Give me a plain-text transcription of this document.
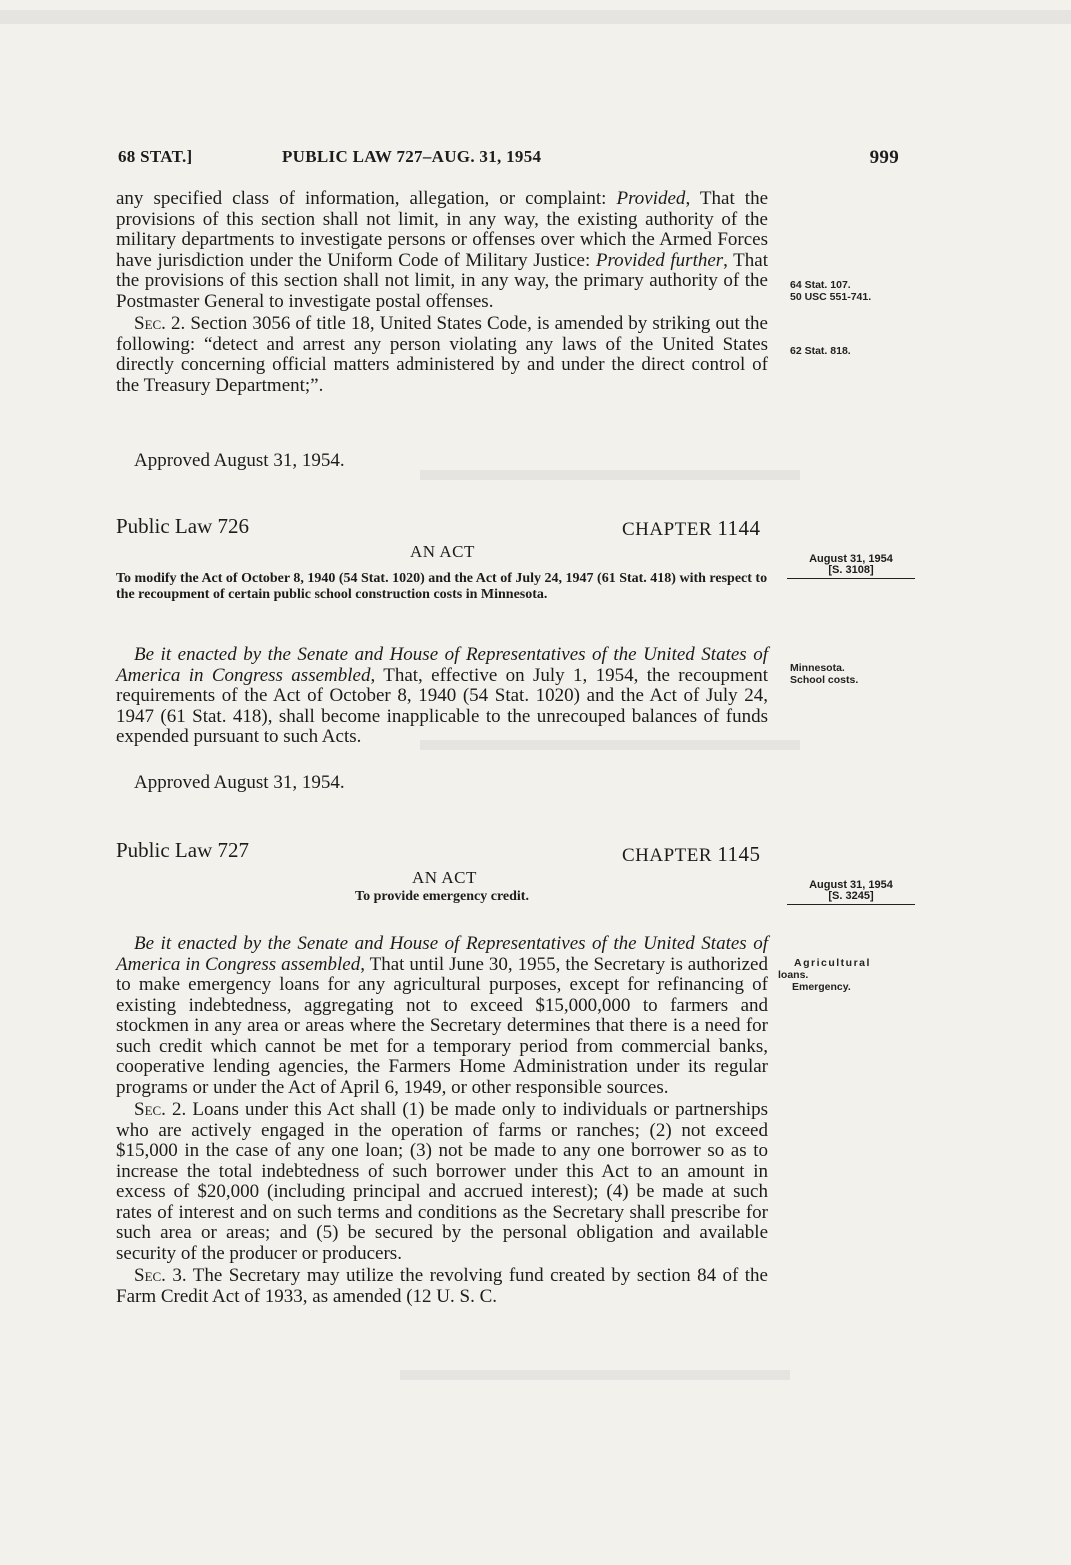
68 STAT.]	PUBLIC LAW 727–AUG. 31, 1954	999

any specified class of information, allegation, or complaint: Provided, That the provisions of this section shall not limit, in any way, the existing authority of the military departments to investigate persons or offenses over which the Armed Forces have jurisdiction under the Uniform Code of Military Justice: Provided further, That the provisions of this section shall not limit, in any way, the primary authority of the Postmaster General to investigate postal offenses.

Sec. 2. Section 3056 of title 18, United States Code, is amended by striking out the following: “detect and arrest any person violating any laws of the United States directly concerning official matters administered by and under the direct control of the Treasury Department;”.

Approved August 31, 1954.
Public Law 726	CHAPTER 1144
AN ACT
To modify the Act of October 8, 1940 (54 Stat. 1020) and the Act of July 24, 1947 (61 Stat. 418) with respect to the recoupment of certain public school construction costs in Minnesota.

Be it enacted by the Senate and House of Representatives of the United States of America in Congress assembled, That, effective on July 1, 1954, the recoupment requirements of the Act of October 8, 1940 (54 Stat. 1020) and the Act of July 24, 1947 (61 Stat. 418), shall become inapplicable to the unrecouped balances of funds expended pursuant to such Acts.

Approved August 31, 1954.
Public Law 727	CHAPTER 1145
AN ACT
To provide emergency credit.

Be it enacted by the Senate and House of Representatives of the United States of America in Congress assembled, That until June 30, 1955, the Secretary is authorized to make emergency loans for any agricultural purposes, except for refinancing of existing indebtedness, aggregating not to exceed $15,000,000 to farmers and stockmen in any area or areas where the Secretary determines that there is a need for such credit which cannot be met for a temporary period from commercial banks, cooperative lending agencies, the Farmers Home Administration under its regular programs or under the Act of April 6, 1949, or other responsible sources.

Sec. 2. Loans under this Act shall (1) be made only to individuals or partnerships who are actively engaged in the operation of farms or ranches; (2) not exceed $15,000 in the case of any one loan; (3) not be made to any one borrower so as to increase the total indebtedness of such borrower under this Act to an amount in excess of $20,000 (including principal and accrued interest); (4) be made at such rates of interest and on such terms and conditions as the Secretary shall prescribe for such area or areas; and (5) be secured by the personal obligation and available security of the producer or producers.

Sec. 3. The Secretary may utilize the revolving fund created by section 84 of the Farm Credit Act of 1933, as amended (12 U. S. C.

64 Stat. 107.
50 USC 551-741.
62 Stat. 818.
August 31, 1954
[S. 3108]
Minnesota.
School costs.
August 31, 1954
[S. 3245]
Agricultural
loans.
Emergency.
